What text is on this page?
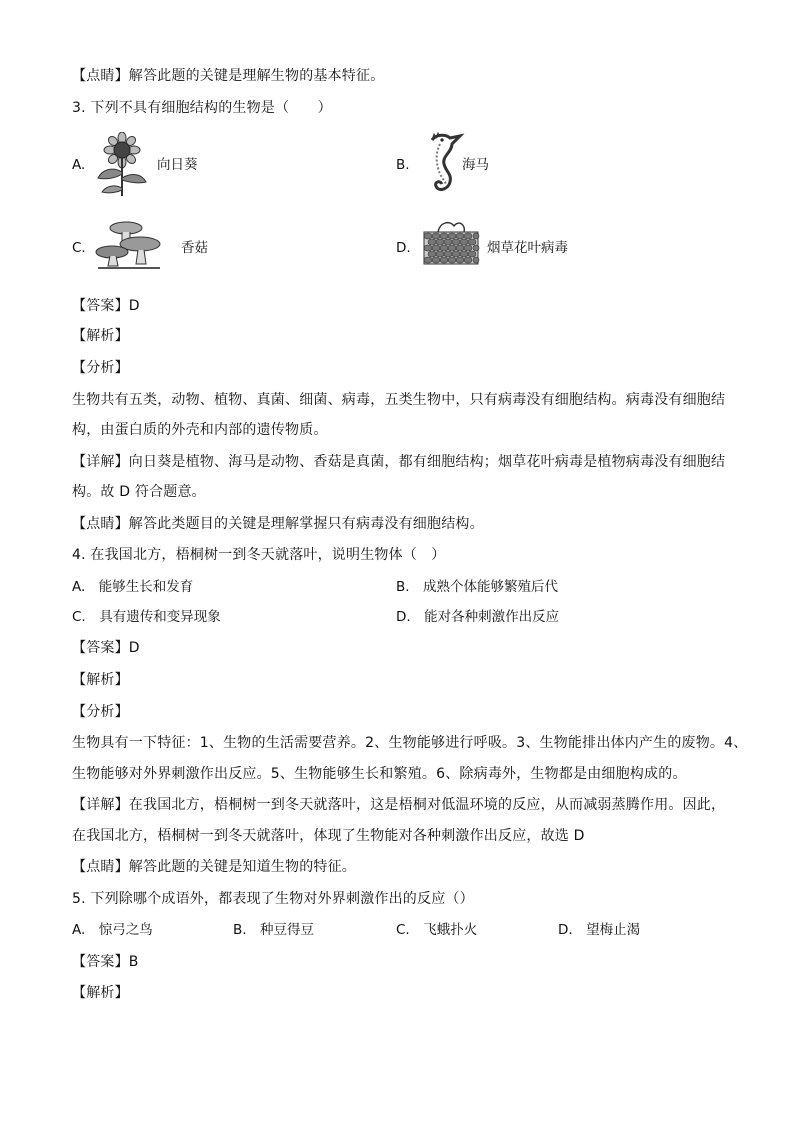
【点睛】解答此题的关键是理解生物的基本特征。
3. 下列不具有细胞结构的生物是（　　）
A.	向日葵	B.	海马
C.	香菇	D.	烟草花叶病毒
【答案】D
【解析】
【分析】
生物共有五类，动物、植物、真菌、细菌、病毒，五类生物中，只有病毒没有细胞结构。病毒没有细胞结
构，由蛋白质的外壳和内部的遗传物质。
【详解】向日葵是植物、海马是动物、香菇是真菌，都有细胞结构；烟草花叶病毒是植物病毒没有细胞结
构。故 D 符合题意。
【点睛】解答此类题目的关键是理解掌握只有病毒没有细胞结构。
4. 在我国北方，梧桐树一到冬天就落叶，说明生物体（　）
A.　能够生长和发育	B.　成熟个体能够繁殖后代
C.　具有遗传和变异现象	D.　能对各种刺激作出反应
【答案】D
【解析】
【分析】
生物具有一下特征：1、生物的生活需要营养。2、生物能够进行呼吸。3、生物能排出体内产生的废物。4、
生物能够对外界刺激作出反应。5、生物能够生长和繁殖。6、除病毒外，生物都是由细胞构成的。
【详解】在我国北方，梧桐树一到冬天就落叶，这是梧桐对低温环境的反应，从而减弱蒸腾作用。因此，
在我国北方，梧桐树一到冬天就落叶，体现了生物能对各种刺激作出反应，故选 D
【点睛】解答此题的关键是知道生物的特征。
5. 下列除哪个成语外，都表现了生物对外界刺激作出的反应（）
A.　惊弓之鸟	B.　种豆得豆	C.　飞蛾扑火	D.　望梅止渴
【答案】B
【解析】
